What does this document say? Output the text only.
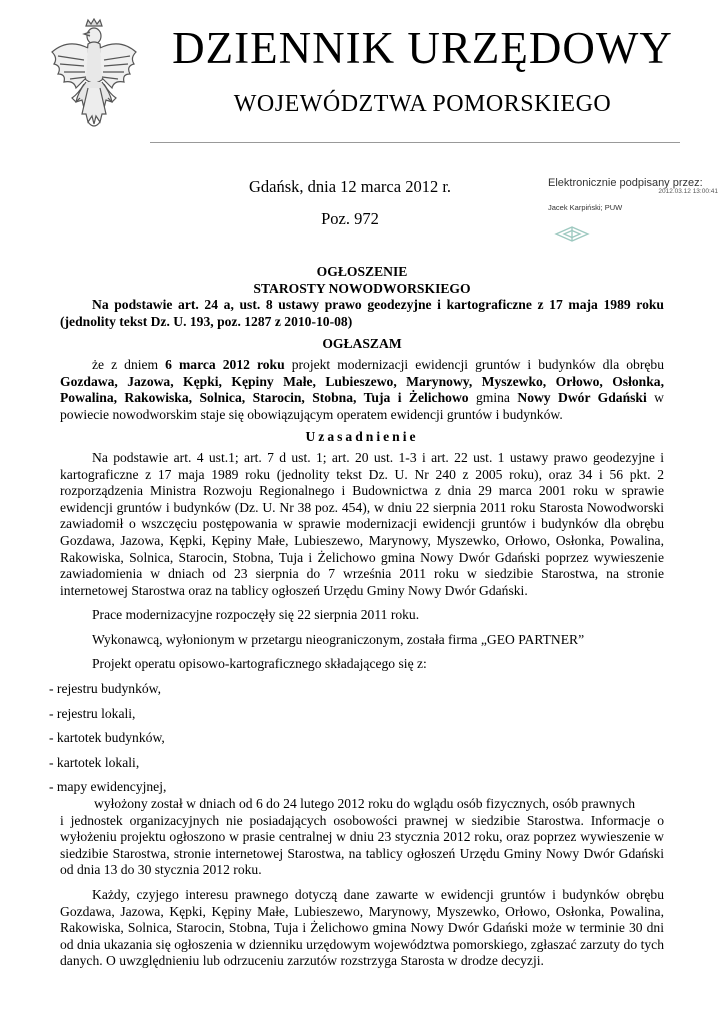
DZIENNIK URZĘDOWY
WOJEWÓDZTWA POMORSKIEGO
Gdańsk, dnia 12 marca 2012 r.
Poz. 972
Elektronicznie podpisany przez:
2012.03.12 13:00:41
Jacek Karpiński; PUW

OGŁOSZENIE

STAROSTY NOWODWORSKIEGO

Na podstawie art. 24 a, ust. 8 ustawy prawo geodezyjne i kartograficzne z 17 maja 1989 roku (jednolity tekst Dz. U. 193, poz. 1287 z 2010-10-08)

OGŁASZAM

że z dniem 6 marca 2012 roku projekt modernizacji ewidencji gruntów i budynków dla obrębu Gozdawa, Jazowa, Kępki, Kępiny Małe, Lubieszewo, Marynowy, Myszewko, Orłowo, Osłonka, Powalina, Rakowiska, Solnica, Starocin, Stobna, Tuja i Żelichowo gmina Nowy Dwór Gdański w powiecie nowodworskim staje się obowiązującym operatem ewidencji gruntów i budynków.

Uzasadnienie

Na podstawie art. 4 ust.1; art. 7 d ust. 1; art. 20 ust. 1-3 i art. 22 ust. 1 ustawy prawo geodezyjne i kartograficzne z 17 maja 1989 roku (jednolity tekst Dz. U. Nr 240 z 2005 roku), oraz 34 i 56 pkt. 2 rozporządzenia Ministra Rozwoju Regionalnego i Budownictwa z dnia 29 marca 2001 roku w sprawie ewidencji gruntów i budynków (Dz. U. Nr 38 poz. 454), w dniu 22 sierpnia 2011 roku Starosta Nowodworski zawiadomił o wszczęciu postępowania w sprawie modernizacji ewidencji gruntów i budynków dla obrębu Gozdawa, Jazowa, Kępki, Kępiny Małe, Lubieszewo, Marynowy, Myszewko, Orłowo, Osłonka, Powalina, Rakowiska, Solnica, Starocin, Stobna, Tuja i Żelichowo gmina Nowy Dwór Gdański poprzez wywieszenie zawiadomienia w dniach od 23 sierpnia do 7 września 2011 roku w siedzibie Starostwa, na stronie internetowej Starostwa oraz na tablicy ogłoszeń Urzędu Gminy Nowy Dwór Gdański.

Prace modernizacyjne rozpoczęły się 22 sierpnia 2011 roku.

Wykonawcą, wyłonionym w przetargu nieograniczonym, została firma „GEO PARTNER”

Projekt operatu opisowo-kartograficznego składającego się z:

- rejestru budynków,
- rejestru lokali,
- kartotek budynków,
- kartotek lokali,
- mapy ewidencyjnej,

wyłożony został w dniach od 6 do 24 lutego 2012 roku do wglądu osób fizycznych, osób prawnych

i jednostek organizacyjnych nie posiadających osobowości prawnej w siedzibie Starostwa. Informacje o wyłożeniu projektu ogłoszono w prasie centralnej w dniu 23 stycznia 2012 roku, oraz poprzez wywieszenie w siedzibie Starostwa, stronie internetowej Starostwa, na tablicy ogłoszeń Urzędu Gminy Nowy Dwór Gdański od dnia 13 do 30 stycznia 2012 roku.

Każdy, czyjego interesu prawnego dotyczą dane zawarte w ewidencji gruntów i budynków obrębu Gozdawa, Jazowa, Kępki, Kępiny Małe, Lubieszewo, Marynowy, Myszewko, Orłowo, Osłonka, Powalina, Rakowiska, Solnica, Starocin, Stobna, Tuja i Żelichowo gmina Nowy Dwór Gdański może w terminie 30 dni od dnia ukazania się ogłoszenia w dzienniku urzędowym województwa pomorskiego, zgłaszać zarzuty do tych danych. O uwzględnieniu lub odrzuceniu zarzutów rozstrzyga Starosta w drodze decyzji.
